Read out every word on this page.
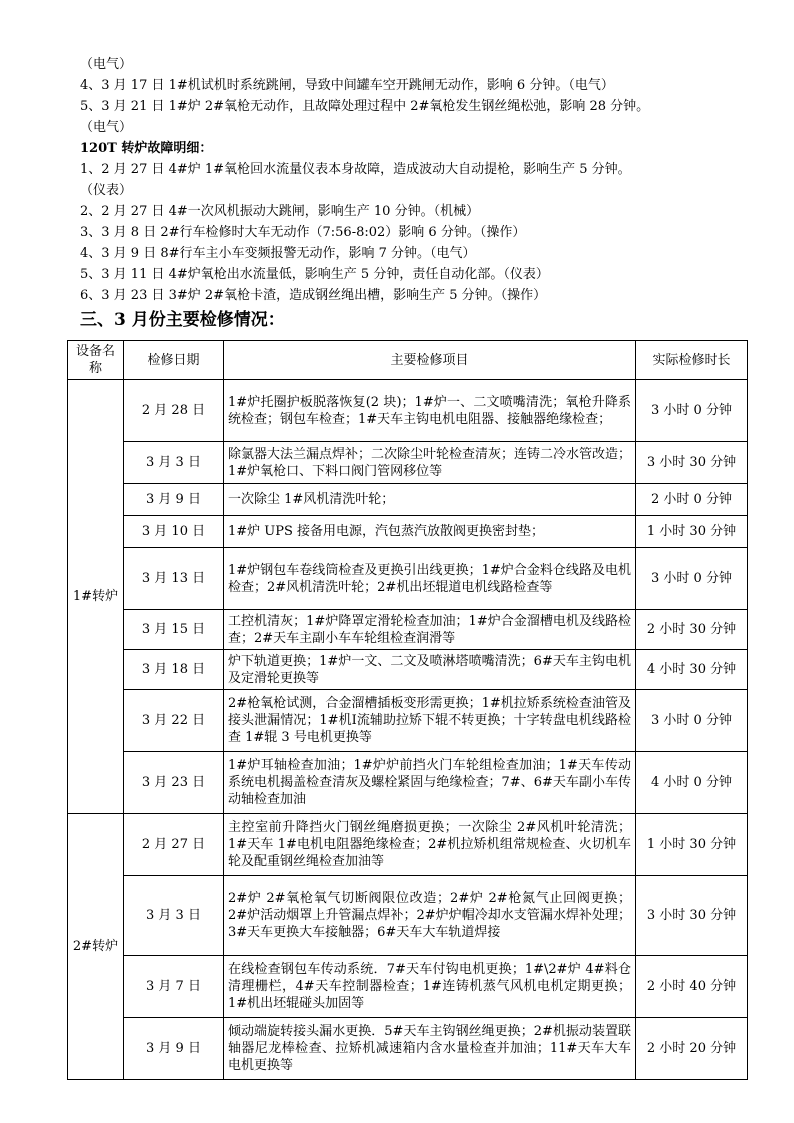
（电气）
4、3 月 17 日 1#机试机时系统跳闸，导致中间罐车空开跳闸无动作，影响 6 分钟。（电气）
5、3 月 21 日 1#炉 2#氧枪无动作，且故障处理过程中 2#氧枪发生钢丝绳松弛，影响 28 分钟。
（电气）
120T 转炉故障明细：
1、2 月 27 日 4#炉 1#氧枪回水流量仪表本身故障，造成波动大自动提枪，影响生产 5 分钟。
（仪表）
2、2 月 27 日 4#一次风机振动大跳闸，影响生产 10 分钟。（机械）
3、3 月 8 日 2#行车检修时大车无动作（7:56-8:02）影响 6 分钟。（操作）
4、3 月 9 日 8#行车主小车变频报警无动作，影响 7 分钟。（电气）
5、3 月 11 日 4#炉氧枪出水流量低，影响生产 5 分钟，责任自动化部。（仪表）
6、3 月 23 日 3#炉 2#氧枪卡渣，造成钢丝绳出槽，影响生产 5 分钟。（操作）
三、3 月份主要检修情况：
设备名称	检修日期	主要检修项目	实际检修时长
1#转炉	2 月 28 日	1#炉托圈护板脱落恢复(2 块)；1#炉一、二文喷嘴清洗；氧枪升降系统检查；钢包车检查；1#天车主钩电机电阻器、接触器绝缘检查；	3 小时 0 分钟
	3 月 3 日	除氯器大法兰漏点焊补；二次除尘叶轮检查清灰；连铸二冷水管改造；1#炉氧枪口、下料口阀门管网移位等	3 小时 30 分钟
	3 月 9 日	一次除尘 1#风机清洗叶轮；	2 小时 0 分钟
	3 月 10 日	1#炉 UPS 接备用电源，汽包蒸汽放散阀更换密封垫；	1 小时 30 分钟
	3 月 13 日	1#炉钢包车卷线筒检查及更换引出线更换；1#炉合金料仓线路及电机检查；2#风机清洗叶轮；2#机出坯辊道电机线路检查等	3 小时 0 分钟
	3 月 15 日	工控机清灰；1#炉降罩定滑轮检查加油；1#炉合金溜槽电机及线路检查；2#天车主副小车车轮组检查润滑等	2 小时 30 分钟
	3 月 18 日	炉下轨道更换；1#炉一文、二文及喷淋塔喷嘴清洗；6#天车主钩电机及定滑轮更换等	4 小时 30 分钟
	3 月 22 日	2#枪氧枪试测，合金溜槽插板变形需更换；1#机拉矫系统检查油管及接头泄漏情况；1#机Ⅰ流辅助拉矫下辊不转更换；十字转盘电机线路检查 1#辊 3 号电机更换等	3 小时 0 分钟
	3 月 23 日	1#炉耳轴检查加油；1#炉炉前挡火门车轮组检查加油；1#天车传动系统电机揭盖检查清灰及螺栓紧固与绝缘检查；7#、6#天车副小车传动轴检查加油	4 小时 0 分钟
2#转炉	2 月 27 日	主控室前升降挡火门钢丝绳磨损更换；一次除尘 2#风机叶轮清洗；1#天车 1#电机电阻器绝缘检查；2#机拉矫机组常规检查、火切机车轮及配重钢丝绳检查加油等	1 小时 30 分钟
	3 月 3 日	2#炉 2#氧枪氧气切断阀限位改造；2#炉 2#枪氮气止回阀更换；2#炉活动烟罩上升管漏点焊补；2#炉炉帽冷却水支管漏水焊补处理；3#天车更换大车接触器；6#天车大车轨道焊接	3 小时 30 分钟
	3 月 7 日	在线检查钢包车传动系统．7#天车付钩电机更换；1#\2#炉 4#料仓清理栅栏，4#天车控制器检查；1#连铸机蒸气风机电机定期更换；1#机出坯辊碰头加固等	2 小时 40 分钟
	3 月 9 日	倾动端旋转接头漏水更换．5#天车主钩钢丝绳更换；2#机振动装置联轴器尼龙棒检查、拉矫机减速箱内含水量检查并加油；11#天车大车电机更换等	2 小时 20 分钟
